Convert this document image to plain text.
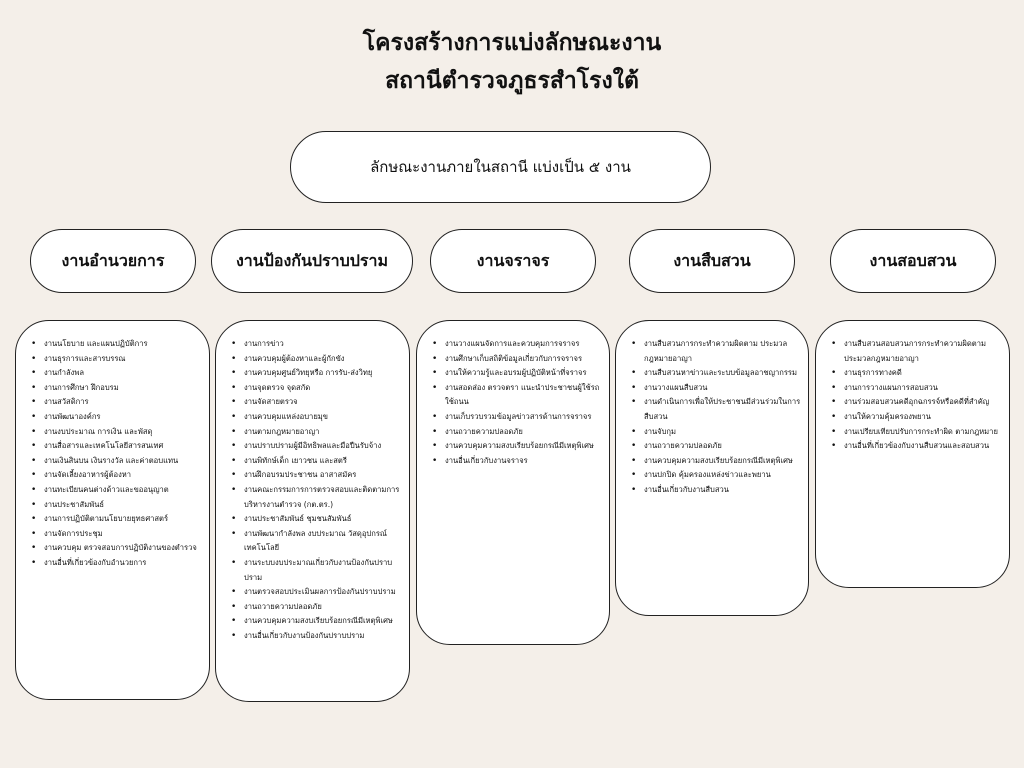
โครงสร้างการแบ่งลักษณะงาน
สถานีตำรวจภูธรสำโรงใต้
ลักษณะงานภายในสถานี แบ่งเป็น ๕ งาน
งานอำนวยการ	งานป้องกันปราบปราม	งานจราจร	งานสืบสวน	งานสอบสวน
• งานนโยบาย และแผนปฏิบัติการ
• งานธุรการและสารบรรณ
• งานกำลังพล
• งานการศึกษา ฝึกอบรม
• งานสวัสดิการ
• งานพัฒนาองค์กร
• งานงบประมาณ การเงิน และพัสดุ
• งานสื่อสารและเทคโนโลยีสารสนเทศ
• งานเงินสินบน เงินรางวัล และค่าตอบแทน
• งานจัดเลี้ยงอาหารผู้ต้องหา
• งานทะเบียนคนต่างด้าวและขออนุญาต
• งานประชาสัมพันธ์
• งานการปฏิบัติตามนโยบายยุทธศาสตร์
• งานจัดการประชุม
• งานควบคุม ตรวจสอบการปฏิบัติงานของตำรวจ
• งานอื่นที่เกี่ยวข้องกับอำนวยการ
• งานการข่าว
• งานควบคุมผู้ต้องหาและผู้กักขัง
• งานควบคุมศูนย์วิทยุหรือ การรับ-ส่งวิทยุ
• งานจุดตรวจ จุดสกัด
• งานจัดสายตรวจ
• งานควบคุมแหล่งอบายมุข
• งานตามกฎหมายอาญา
• งานปราบปรามผู้มีอิทธิพลและมือปืนรับจ้าง
• งานพิทักษ์เด็ก เยาวชน และสตรี
• งานฝึกอบรมประชาชน อาสาสมัคร
• งานคณะกรรมการการตรวจสอบและติดตามการบริหารงานตำรวจ (กต.ตร.)
• งานประชาสัมพันธ์ ชุมชนสัมพันธ์
• งานพัฒนากำลังพล งบประมาณ วัสดุอุปกรณ์ เทคโนโลยี
• งานระบบงบประมาณเกี่ยวกับงานป้องกันปราบปราม
• งานตรวจสอบประเมินผลการป้องกันปราบปราม
• งานถวายความปลอดภัย
• งานควบคุมความสงบเรียบร้อยกรณีมีเหตุพิเศษ
• งานอื่นเกี่ยวกับงานป้องกันปราบปราม
• งานวางแผนจัดการและควบคุมการจราจร
• งานศึกษาเก็บสถิติข้อมูลเกี่ยวกับการจราจร
• งานให้ความรู้และอบรมผู้ปฏิบัติหน้าที่จราจร
• งานสอดส่อง ตรวจตรา แนะนำประชาชนผู้ใช้รถใช้ถนน
• งานเก็บรวบรวมข้อมูลข่าวสารด้านการจราจร
• งานถวายความปลอดภัย
• งานควบคุมความสงบเรียบร้อยกรณีมีเหตุพิเศษ
• งานอื่นเกี่ยวกับงานจราจร
• งานสืบสวนการกระทำความผิดตาม ประมวลกฎหมายอาญา
• งานสืบสวนหาข่าวและระบบข้อมูลอาชญากรรม
• งานวางแผนสืบสวน
• งานดำเนินการเพื่อให้ประชาชนมีส่วนร่วมในการสืบสวน
• งานจับกุม
• งานถวายความปลอดภัย
• งานควบคุมความสงบเรียบร้อยกรณีมีเหตุพิเศษ
• งานปกปิด คุ้มครองแหล่งข่าวและพยาน
• งานอื่นเกี่ยวกับงานสืบสวน
• งานสืบสวนสอบสวนการกระทำความผิดตามประมวลกฎหมายอาญา
• งานธุรการทางคดี
• งานการวางแผนการสอบสวน
• งานร่วมสอบสวนคดีอุกฉกรรจ์หรือคดีที่สำคัญ
• งานให้ความคุ้มครองพยาน
• งานเปรียบเทียบปรับการกระทำผิด ตามกฎหมาย
• งานอื่นที่เกี่ยวข้องกับงานสืบสวนและสอบสวน
